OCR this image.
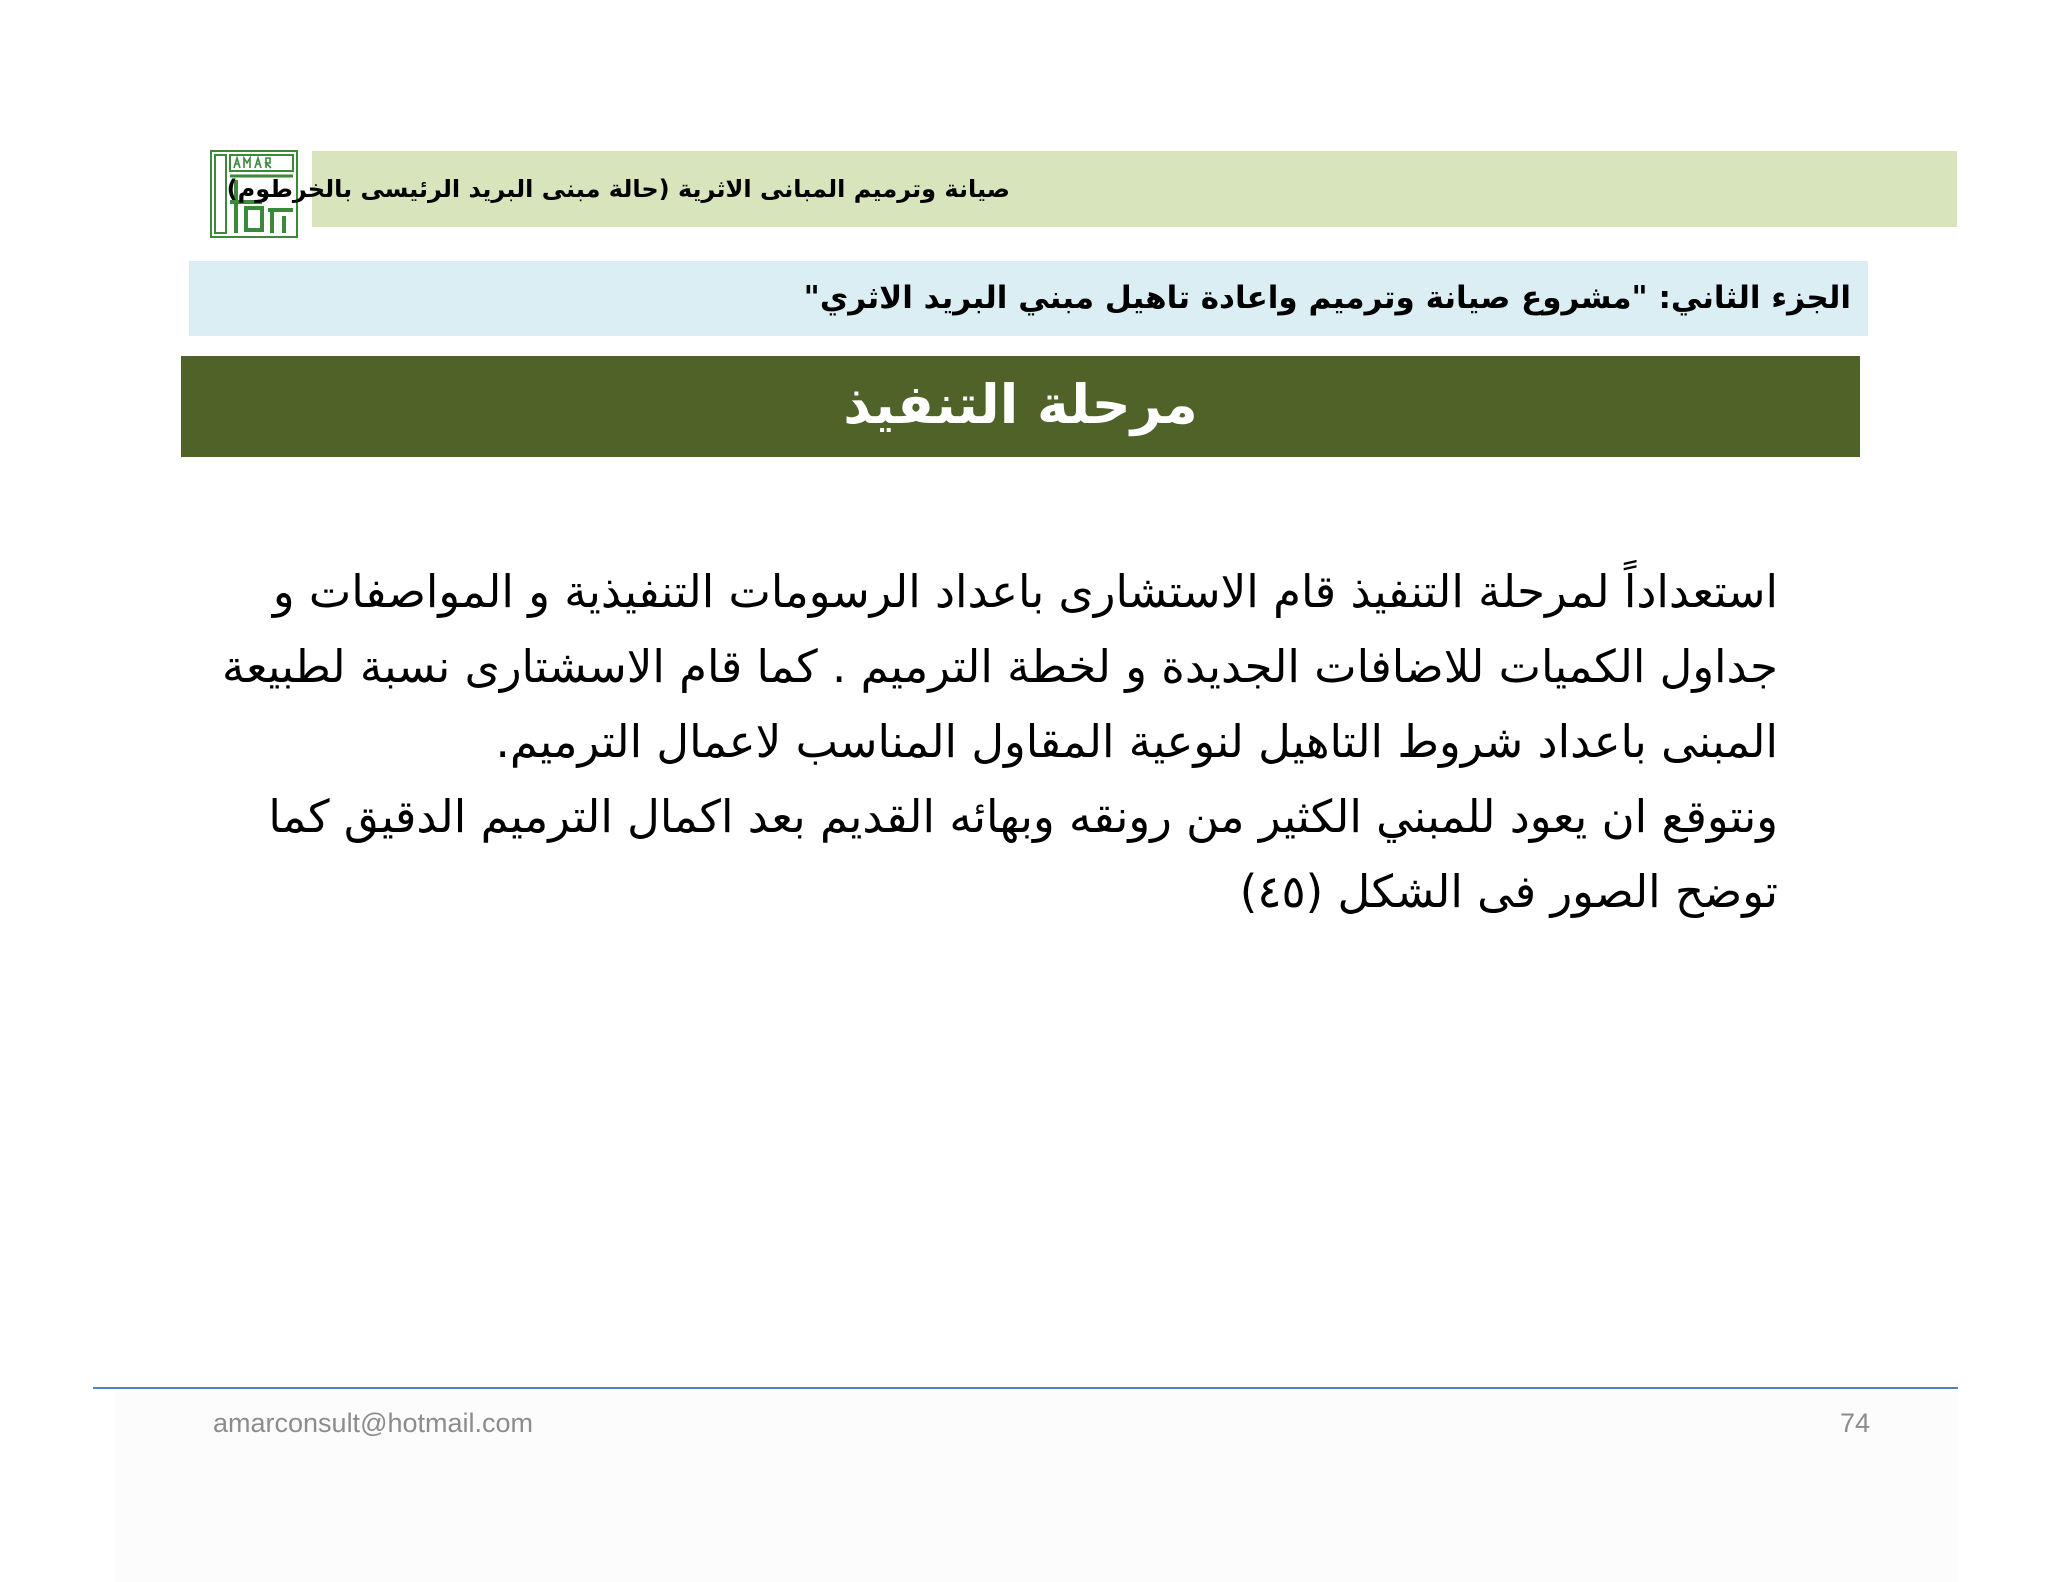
صيانة وترميم المبانى الاثرية (حالة مبنى البريد الرئيسى بالخرطوم)
الجزء الثاني: "مشروع صيانة وترميم واعادة تاهيل مبني البريد الاثري"
مرحلة التنفيذ

استعداداً لمرحلة التنفيذ قام الاستشارى باعداد الرسومات التنفيذية و المواصفات و جداول الكميات للاضافات الجديدة و لخطة الترميم . كما قام الاسشتارى نسبة لطبيعة المبنى باعداد شروط التاهيل لنوعية المقاول المناسب لاعمال الترميم.

ونتوقع ان يعود للمبني الكثير من رونقه وبهائه القديم بعد اكمال الترميم الدقيق كما توضح الصور فى الشكل (٤٥)

amarconsult@hotmail.com	74
